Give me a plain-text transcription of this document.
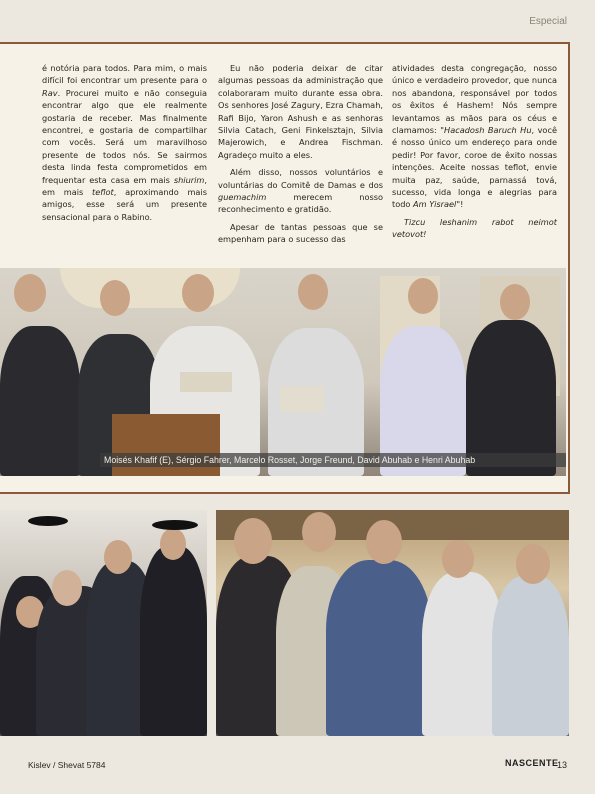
Especial

é notória para todos. Para mim, o mais difícil foi encontrar um presente para o Rav. Procurei muito e não conseguia encontrar algo que ele realmente gostaria de receber. Mas finalmente encontrei, e gostaria de compartilhar com vocês. Será um maravilhoso presente de todos nós. Se sairmos desta linda festa comprometidos em frequentar esta casa em mais shiurim, em mais teflot, aproximando mais amigos, esse será um presente sensacional para o Rabino.

Eu não poderia deixar de citar algumas pessoas da administração que colaboraram muito durante essa obra. Os senhores José Zagury, Ezra Chamah, Rafi Bijo, Yaron Ashush e as senhoras Silvia Catach, Geni Finkelsztajn, Silvia Majerowich, e Andrea Fischman. Agradeço muito a eles.

Além disso, nossos voluntários e voluntárias do Comitê de Damas e dos guemachim merecem nosso reconhecimento e gratidão.

Apesar de tantas pessoas que se empenham para o sucesso das

atividades desta congregação, nosso único e verdadeiro provedor, que nunca nos abandona, responsável por todos os êxitos é Hashem! Nós sempre levantamos as mãos para os céus e clamamos: "Hacadosh Baruch Hu, você é nosso único um endereço para onde pedir! Por favor, coroe de êxito nossas intenções. Aceite nossas teflot, envie muita paz, saúde, parnassá tová, sucesso, vida longa e alegrias para todo Am Yisrael"!

Tizcu leshanim rabot neimot vetovot!

Moisés Khafif (E), Sérgio Fahrer, Marcelo Rosset, Jorge Freund, David Abuhab e Henri Abuhab
Kislev / Shevat 5784	NASCENTE
13
